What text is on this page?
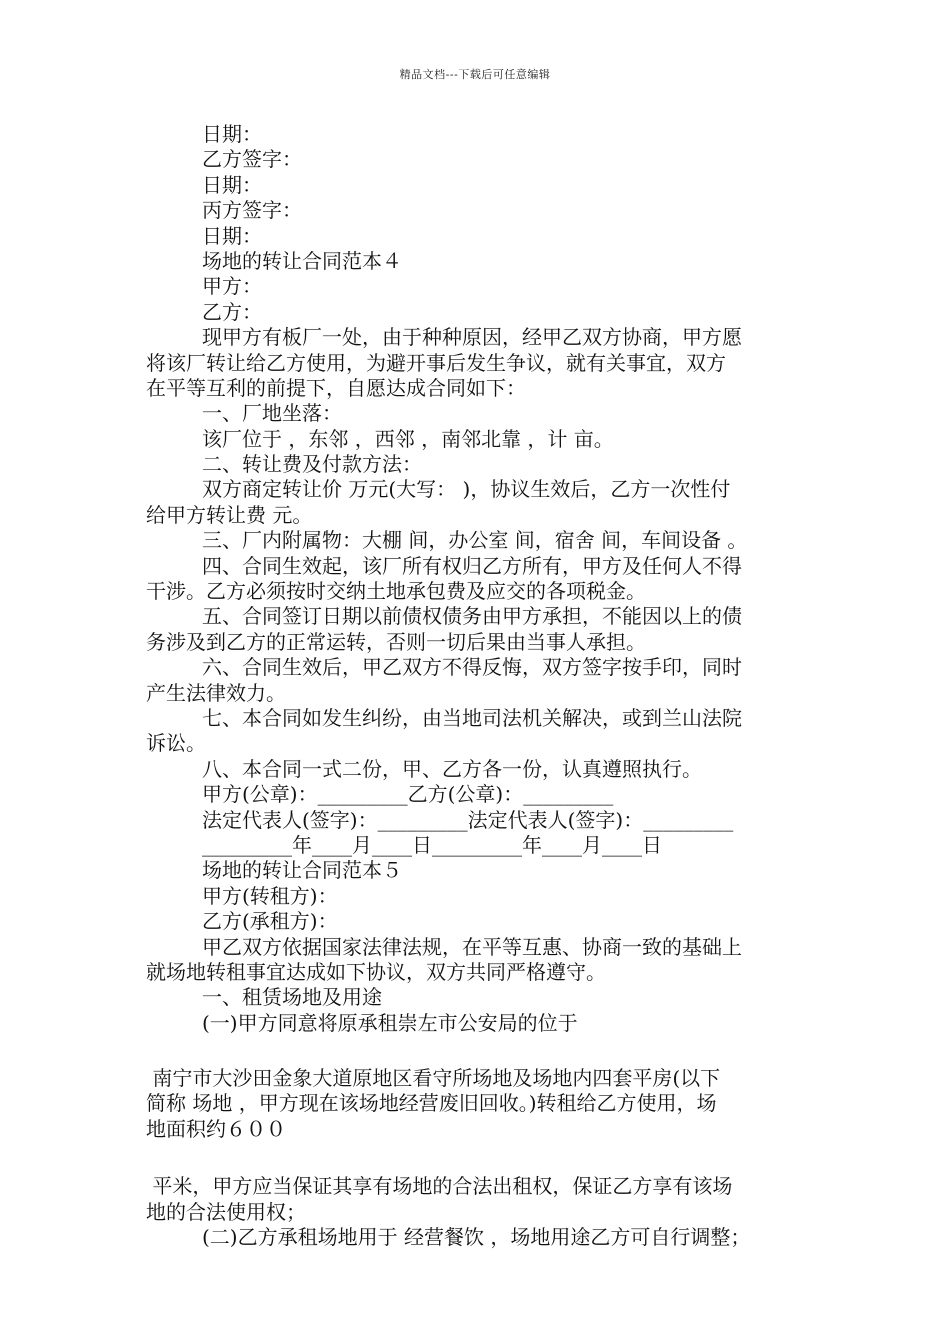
精品文档---下载后可任意编辑
日期：
乙方签字：
日期：
丙方签字：
日期：
场地的转让合同范本４
甲方：
乙方：
现甲方有板厂一处，由于种种原因，经甲乙双方协商，甲方愿
将该厂转让给乙方使用，为避开事后发生争议，就有关事宜，双方
在平等互利的前提下，自愿达成合同如下：
一、厂地坐落：
该厂位于 ，东邻 ，西邻 ，南邻北靠 ，计 亩。
二、转让费及付款方法：
双方商定转让价 万元(大写： )，协议生效后，乙方一次性付
给甲方转让费 元。
三、厂内附属物：大棚 间，办公室 间，宿舍 间，车间设备 。
四、合同生效起，该厂所有权归乙方所有，甲方及任何人不得
干涉。乙方必须按时交纳土地承包费及应交的各项税金。
五、合同签订日期以前债权债务由甲方承担，不能因以上的债
务涉及到乙方的正常运转，否则一切后果由当事人承担。
六、合同生效后，甲乙双方不得反悔，双方签字按手印，同时
产生法律效力。
七、本合同如发生纠纷，由当地司法机关解决，或到兰山法院
诉讼。
八、本合同一式二份，甲、乙方各一份，认真遵照执行。
甲方(公章)：_________乙方(公章)：_________
法定代表人(签字)：_________法定代表人(签字)：_________
_________年____月____日_________年____月____日
场地的转让合同范本５
甲方(转租方)：
乙方(承租方)：
甲乙双方依据国家法律法规，在平等互惠、协商一致的基础上
就场地转租事宜达成如下协议，双方共同严格遵守。
一、租赁场地及用途
(一)甲方同意将原承租崇左市公安局的位于
南宁市大沙田金象大道原地区看守所场地及场地内四套平房(以下
简称 场地 ，甲方现在该场地经营废旧回收。)转租给乙方使用，场
地面积约６００
平米，甲方应当保证其享有场地的合法出租权，保证乙方享有该场
地的合法使用权；
(二)乙方承租场地用于 经营餐饮 ，场地用途乙方可自行调整；
